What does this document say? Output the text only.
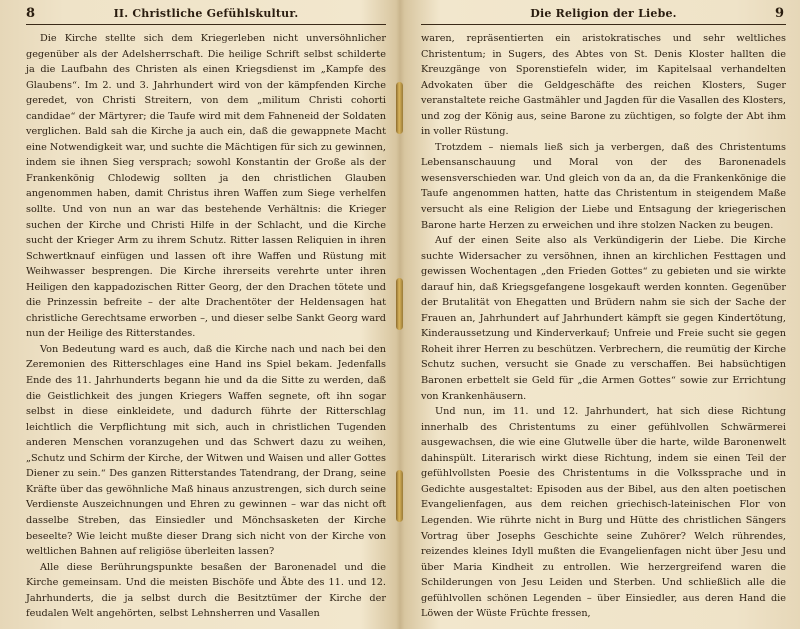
8	II. Christliche Gefühlskultur.

Die Kirche stellte sich dem Kriegerleben nicht unversöhnlicher gegenüber als der Adelsherrschaft. Die heilige Schrift selbst schilderte ja die Laufbahn des Christen als einen Kriegsdienst im „Kampfe des Glaubens“. Im 2. und 3. Jahrhundert wird von der kämpfenden Kirche geredet, von Christi Streitern, von dem „militum Christi cohorti candidae“ der Märtyrer; die Taufe wird mit dem Fahneneid der Soldaten verglichen. Bald sah die Kirche ja auch ein, daß die gewappnete Macht eine Notwendigkeit war, und suchte die Mächtigen für sich zu gewinnen, indem sie ihnen Sieg versprach; sowohl Konstantin der Große als der Frankenkönig Chlodewig sollten ja den christlichen Glauben angenommen haben, damit Christus ihren Waffen zum Siege verhelfen sollte. Und von nun an war das bestehende Verhältnis: die Krieger suchen der Kirche und Christi Hilfe in der Schlacht, und die Kirche sucht der Krieger Arm zu ihrem Schutz. Ritter lassen Reliquien in ihren Schwertknauf einfügen und lassen oft ihre Waffen und Rüstung mit Weihwasser besprengen. Die Kirche ihrerseits verehrte unter ihren Heiligen den kappadozischen Ritter Georg, der den Drachen tötete und die Prinzessin befreite – der alte Drachentöter der Heldensagen hat christliche Gerechtsame erworben –, und dieser selbe Sankt Georg ward nun der Heilige des Ritterstandes.

Von Bedeutung ward es auch, daß die Kirche nach und nach bei den Zeremonien des Ritterschlages eine Hand ins Spiel bekam. Jedenfalls Ende des 11. Jahrhunderts begann hie und da die Sitte zu werden, daß die Geistlichkeit des jungen Kriegers Waffen segnete, oft ihn sogar selbst in diese einkleidete, und dadurch führte der Ritterschlag leichtlich die Verpflichtung mit sich, auch in christlichen Tugenden anderen Menschen voranzugehen und das Schwert dazu zu weihen, „Schutz und Schirm der Kirche, der Witwen und Waisen und aller Gottes Diener zu sein.“ Des ganzen Ritterstandes Tatendrang, der Drang, seine Kräfte über das gewöhnliche Maß hinaus anzustrengen, sich durch seine Verdienste Auszeichnungen und Ehren zu gewinnen – war das nicht oft dasselbe Streben, das Einsiedler und Mönchsasketen der Kirche beseelte? Wie leicht mußte dieser Drang sich nicht von der Kirche von weltlichen Bahnen auf religiöse überleiten lassen?

Alle diese Berührungspunkte besaßen der Baronenadel und die Kirche gemeinsam. Und die meisten Bischöfe und Äbte des 11. und 12. Jahrhunderts, die ja selbst durch die Besitztümer der Kirche der feudalen Welt angehörten, selbst Lehnsherren und Vasallen

Die Religion der Liebe.	9

waren, repräsentierten ein aristokratisches und sehr weltliches Christentum; in Sugers, des Abtes von St. Denis Kloster hallten die Kreuzgänge von Sporenstiefeln wider, im Kapitelsaal verhandelten Advokaten über die Geldgeschäfte des reichen Klosters, Suger veranstaltete reiche Gastmähler und Jagden für die Vasallen des Klosters, und zog der König aus, seine Barone zu züchtigen, so folgte der Abt ihm in voller Rüstung.

Trotzdem – niemals ließ sich ja verbergen, daß des Christentums Lebensanschauung und Moral von der des Baronenadels wesensverschieden war. Und gleich von da an, da die Frankenkönige die Taufe angenommen hatten, hatte das Christentum in steigendem Maße versucht als eine Religion der Liebe und Entsagung der kriegerischen Barone harte Herzen zu erweichen und ihre stolzen Nacken zu beugen.

Auf der einen Seite also als Verkündigerin der Liebe. Die Kirche suchte Widersacher zu versöhnen, ihnen an kirchlichen Festtagen und gewissen Wochentagen „den Frieden Gottes“ zu gebieten und sie wirkte darauf hin, daß Kriegsgefangene losgekauft werden konnten. Gegenüber der Brutalität von Ehegatten und Brüdern nahm sie sich der Sache der Frauen an, Jahrhundert auf Jahrhundert kämpft sie gegen Kindertötung, Kinderaussetzung und Kinderverkauf; Unfreie und Freie sucht sie gegen Roheit ihrer Herren zu beschützen. Verbrechern, die reumütig der Kirche Schutz suchen, versucht sie Gnade zu verschaffen. Bei habsüchtigen Baronen erbettelt sie Geld für „die Armen Gottes“ sowie zur Errichtung von Krankenhäusern.

Und nun, im 11. und 12. Jahrhundert, hat sich diese Richtung innerhalb des Christentums zu einer gefühlvollen Schwärmerei ausgewachsen, die wie eine Glutwelle über die harte, wilde Baronenwelt dahinspült. Literarisch wirkt diese Richtung, indem sie einen Teil der gefühlvollsten Poesie des Christentums in die Volkssprache und in Gedichte ausgestaltet: Episoden aus der Bibel, aus den alten poetischen Evangelienfagen, aus dem reichen griechisch-lateinischen Flor von Legenden. Wie rührte nicht in Burg und Hütte des christlichen Sängers Vortrag über Josephs Geschichte seine Zuhörer? Welch rührendes, reizendes kleines Idyll mußten die Evangelienfagen nicht über Jesu und über Maria Kindheit zu entrollen. Wie herzergreifend waren die Schilderungen von Jesu Leiden und Sterben. Und schließlich alle die gefühlvollen schönen Legenden – über Einsiedler, aus deren Hand die Löwen der Wüste Früchte fressen,
